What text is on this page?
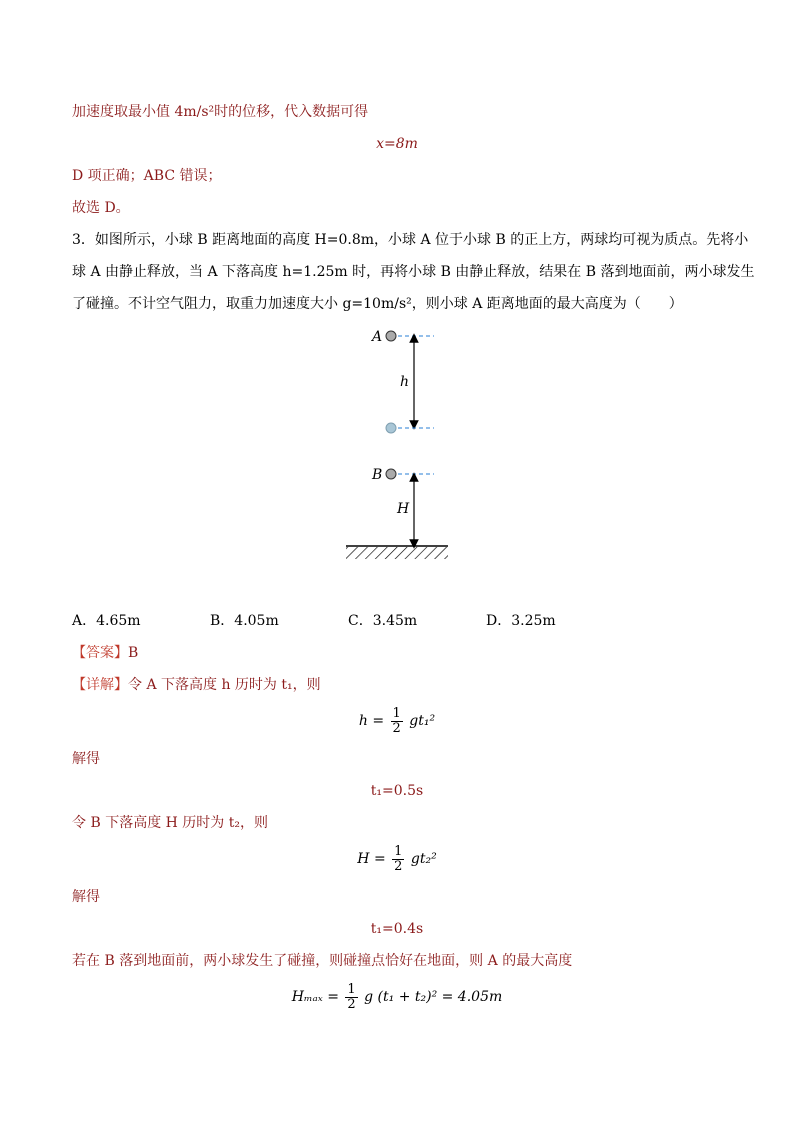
加速度取最小值 4m/s²时的位移，代入数据可得
x=8m
D 项正确；ABC 错误；
故选 D。
3．如图所示，小球 B 距离地面的高度 H=0.8m，小球 A 位于小球 B 的正上方，两球均可视为质点。先将小
球 A 由静止释放，当 A 下落高度 h=1.25m 时，再将小球 B 由静止释放，结果在 B 落到地面前，两小球发生
了碰撞。不计空气阻力，取重力加速度大小 g=10m/s²，则小球 A 距离地面的最大高度为（　　）
A
h
B
H
A．4.65m	B．4.05m	C．3.45m	D．3.25m
【答案】B
【详解】令 A 下落高度 h 历时为 t₁，则
$h = \frac{1}{2} gt_1^2$
解得
t₁=0.5s
令 B 下落高度 H 历时为 t₂，则
$H = \frac{1}{2} gt_2^2$
解得
t₁=0.4s
若在 B 落到地面前，两小球发生了碰撞，则碰撞点恰好在地面，则 A 的最大高度
$H_{max} = \frac{1}{2}$ g (t₁ + t₂)² = 4.05m
